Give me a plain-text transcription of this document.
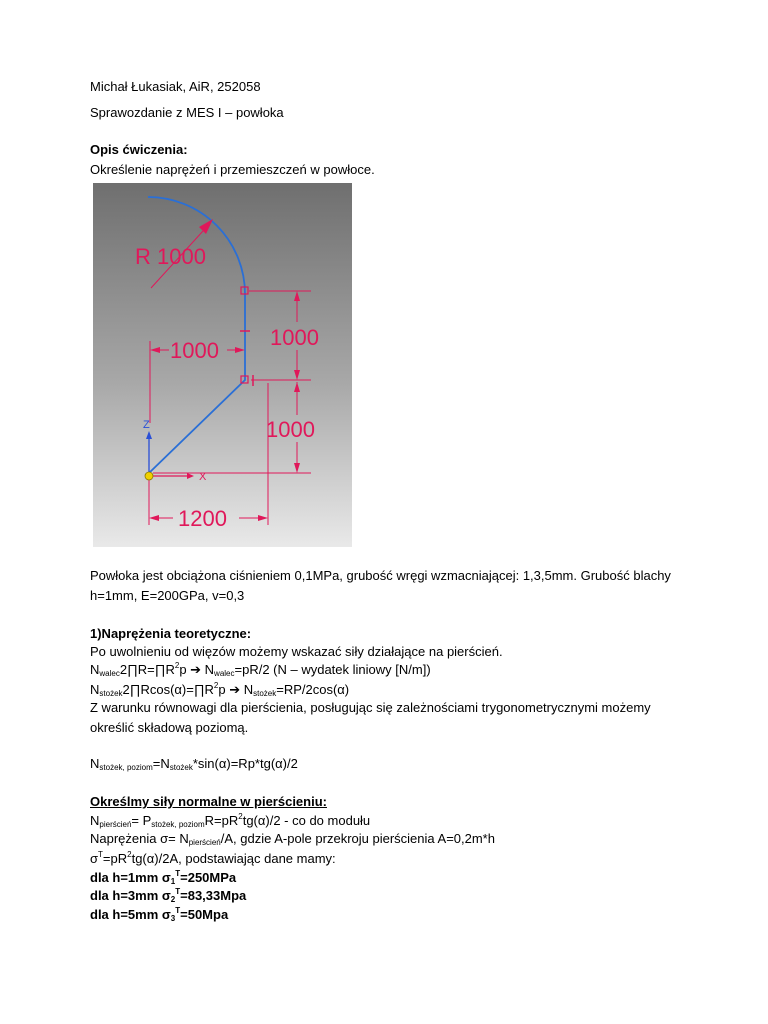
Michał Łukasiak, AiR, 252058
Sprawozdanie z MES I – powłoka
Opis ćwiczenia:
Określenie naprężeń i przemieszczeń w powłoce.
R 1000
1000
1000
1000
1200
Z
X
Powłoka jest obciążona ciśnieniem 0,1MPa, grubość wręgi wzmacniającej: 1,3,5mm. Grubość blachy
h=1mm, E=200GPa, v=0,3
1)Naprężenia teoretyczne:
Po uwolnieniu od więzów możemy wskazać siły działające na pierścień.
$N_{walec}2\prod R=\prod R^2p$ ➔ $N_{walec}=pR/2$ (N – wydatek liniowy [N/m])
$N_{stożek}2\prod Rcos(\alpha)=\prod R^2p$ ➔ $N_{stożek}=RP/2\cos(\alpha)$
Z warunku równowagi dla pierścienia, posługując się zależnościami trygonometrycznymi możemy
określić składową poziomą.
$N_{stożek, poziom}=N_{stożek}*\sin(\alpha)=Rp*tg(\alpha)/2$
Określmy siły normalne w pierścieniu:
$N_{pierścień}= P_{stożek, poziom}R=pR^2tg(\alpha)/2$ - co do modułu
Naprężenia $\sigma= N_{pierścień}/A$, gdzie A-pole przekroju pierścienia A=0,2m*h
$\sigma^T=pR^2tg(\alpha)/2A$, podstawiając dane mamy:
dla h=1mm $\sigma_1^T=250MPa$
dla h=3mm $\sigma_2^T=83,33Mpa$
dla h=5mm $\sigma_3^T=50Mpa$
